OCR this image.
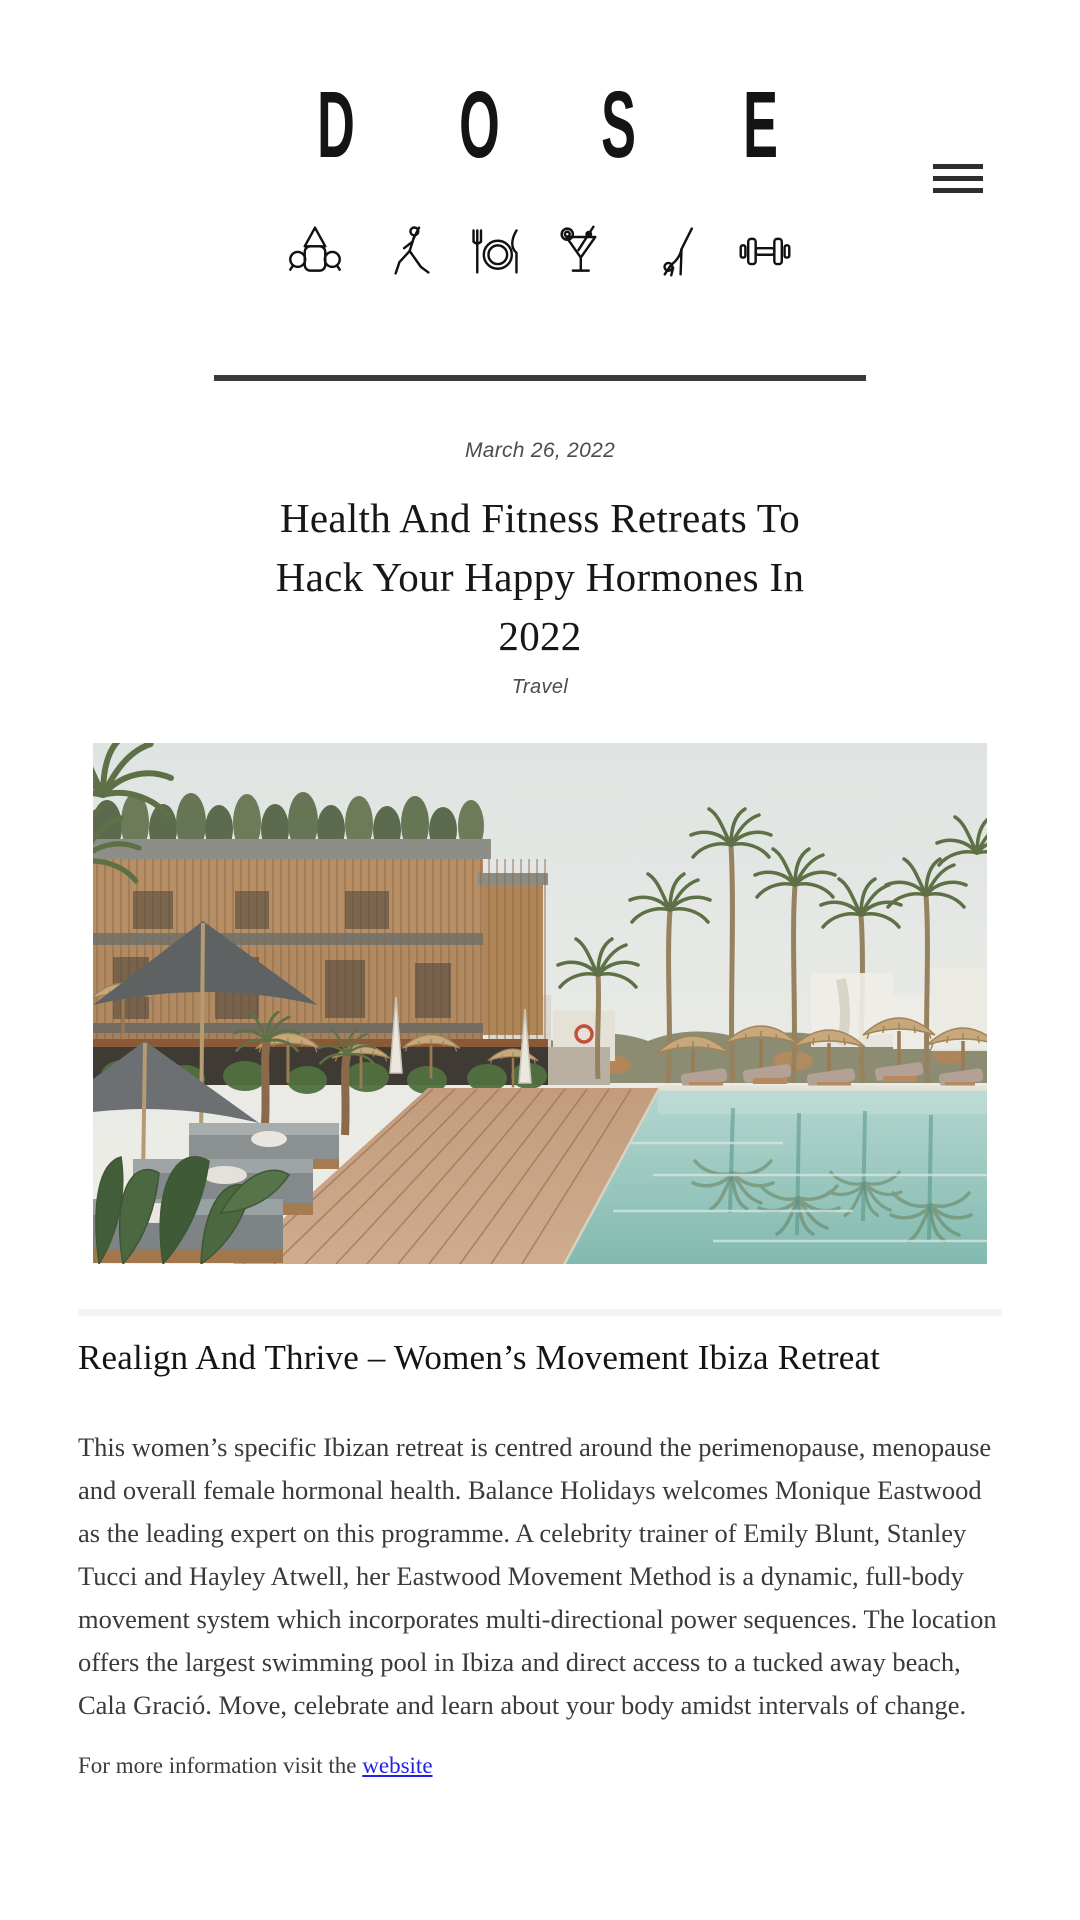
D O S E
March 26, 2022
Health And Fitness Retreats To
Hack Your Happy Hormones In
2022
Travel
Realign And Thrive – Women’s Movement Ibiza Retreat

This women’s specific Ibizan retreat is centred around the perimenopause, menopause and overall female hormonal health. Balance Holidays welcomes Monique Eastwood as the leading expert on this programme. A celebrity trainer of Emily Blunt, Stanley Tucci and Hayley Atwell, her Eastwood Movement Method is a dynamic, full-body movement system which incorporates multi-directional power sequences. The location offers the largest swimming pool in Ibiza and direct access to a tucked away beach, Cala Gració. Move, celebrate and learn about your body amidst intervals of change.

For more information visit the website
